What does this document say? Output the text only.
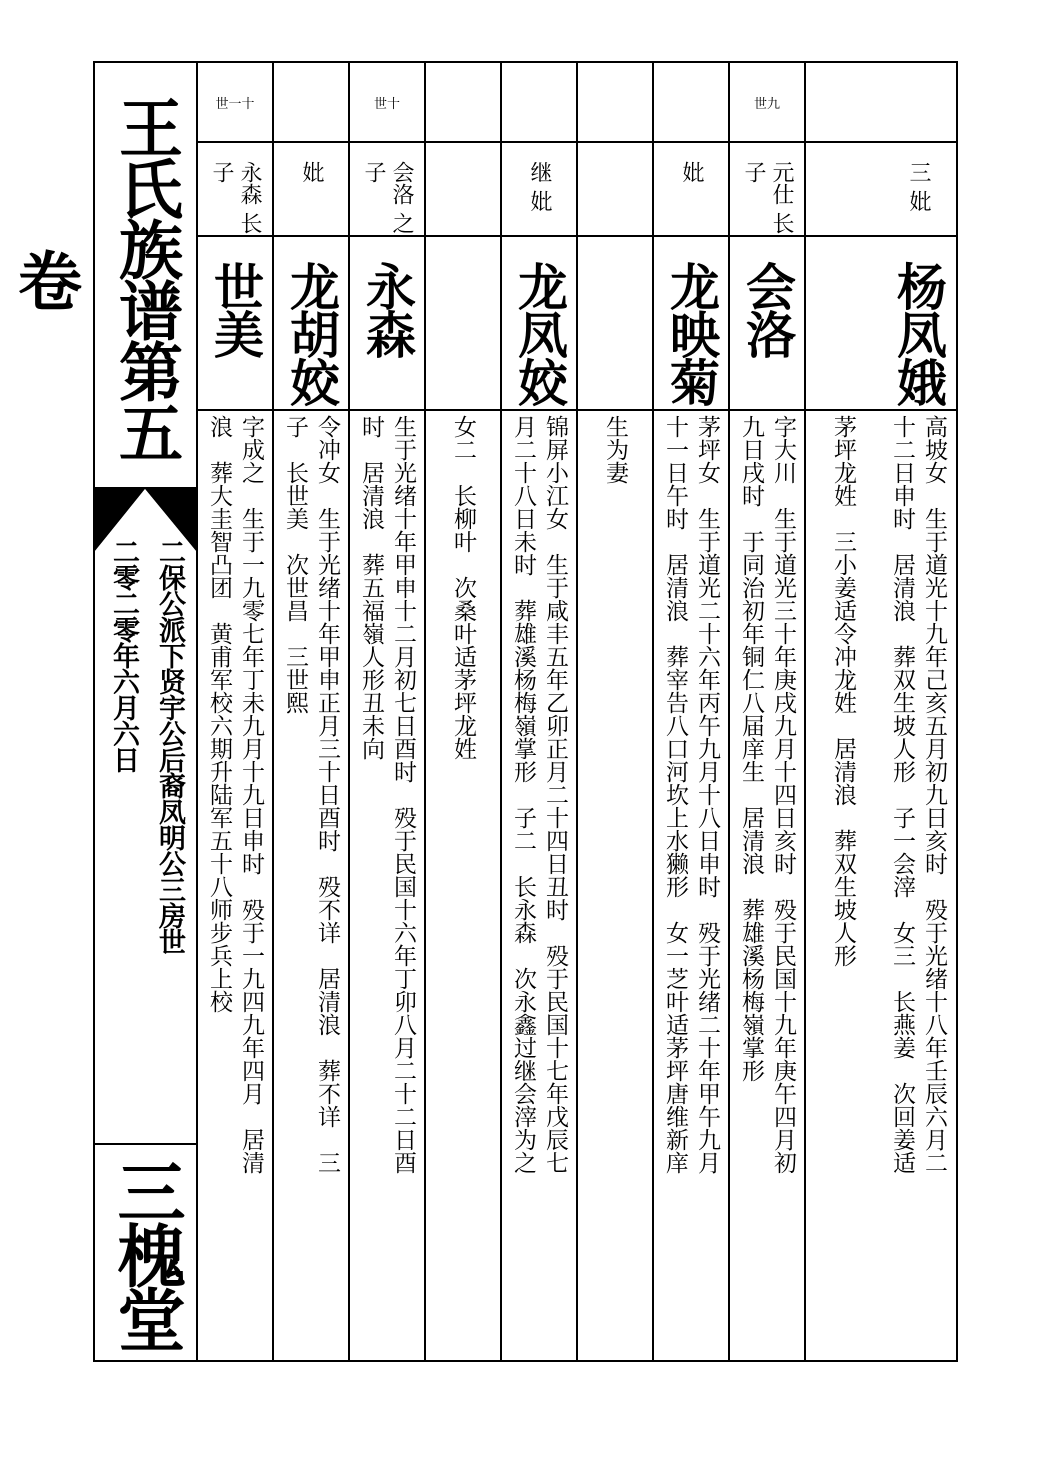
王氏族谱第五卷
二保公派下贤宇公后裔凤明公三房世
二零二零年六月六日
三槐堂
三 妣
杨凤娥
高坡女　生于道光十九年己亥五月初九日亥时　殁于光绪十八年壬辰六月二
十二日申时　居清浪　葬双生坡人形　子一会滓　女三　长燕姜　次回姜适
茅坪龙姓　三小姜适令冲龙姓　居清浪　葬双生坡人形
世九
元仕 长子
会洛
字大川　生于道光三十年庚戌九月十四日亥时　殁于民国十九年庚午四月初
九日戌时　于同治初年铜仁八届庠生　居清浪　葬雄溪杨梅嶺掌形
妣
龙映菊
茅坪女　生于道光二十六年丙午九月十八日申时　殁于光绪二十年甲午九月
十一日午时　居清浪　葬宰告八口河坎上水獭形　女一芝叶适茅坪唐维新庠
生为妻
继 妣
龙凤姣
锦屏小江女　生于咸丰五年乙卯正月二十四日丑时　殁于民国十七年戊辰七
月二十八日未时　葬雄溪杨梅嶺掌形　子二　长永森　次永鑫过继会滓为之
女二　长柳叶　次桑叶适茅坪龙姓
世十
会洛 之子
永森
生于光绪十年甲申十二月初七日酉时　殁于民国十六年丁卯八月二十二日酉
时　居清浪　葬五福嶺人形丑未向
妣
龙胡姣
令冲女　生于光绪十年甲申正月三十日酉时　殁不详　居清浪　葬不详　三
子　长世美　次世昌　三世熙
世一十
永森 长子
世美
字成之　生于一九零七年丁未九月十九日申时　殁于一九四九年四月　居清
浪　葬大圭智凸团　黄甫军校六期升陆军五十八师步兵上校
